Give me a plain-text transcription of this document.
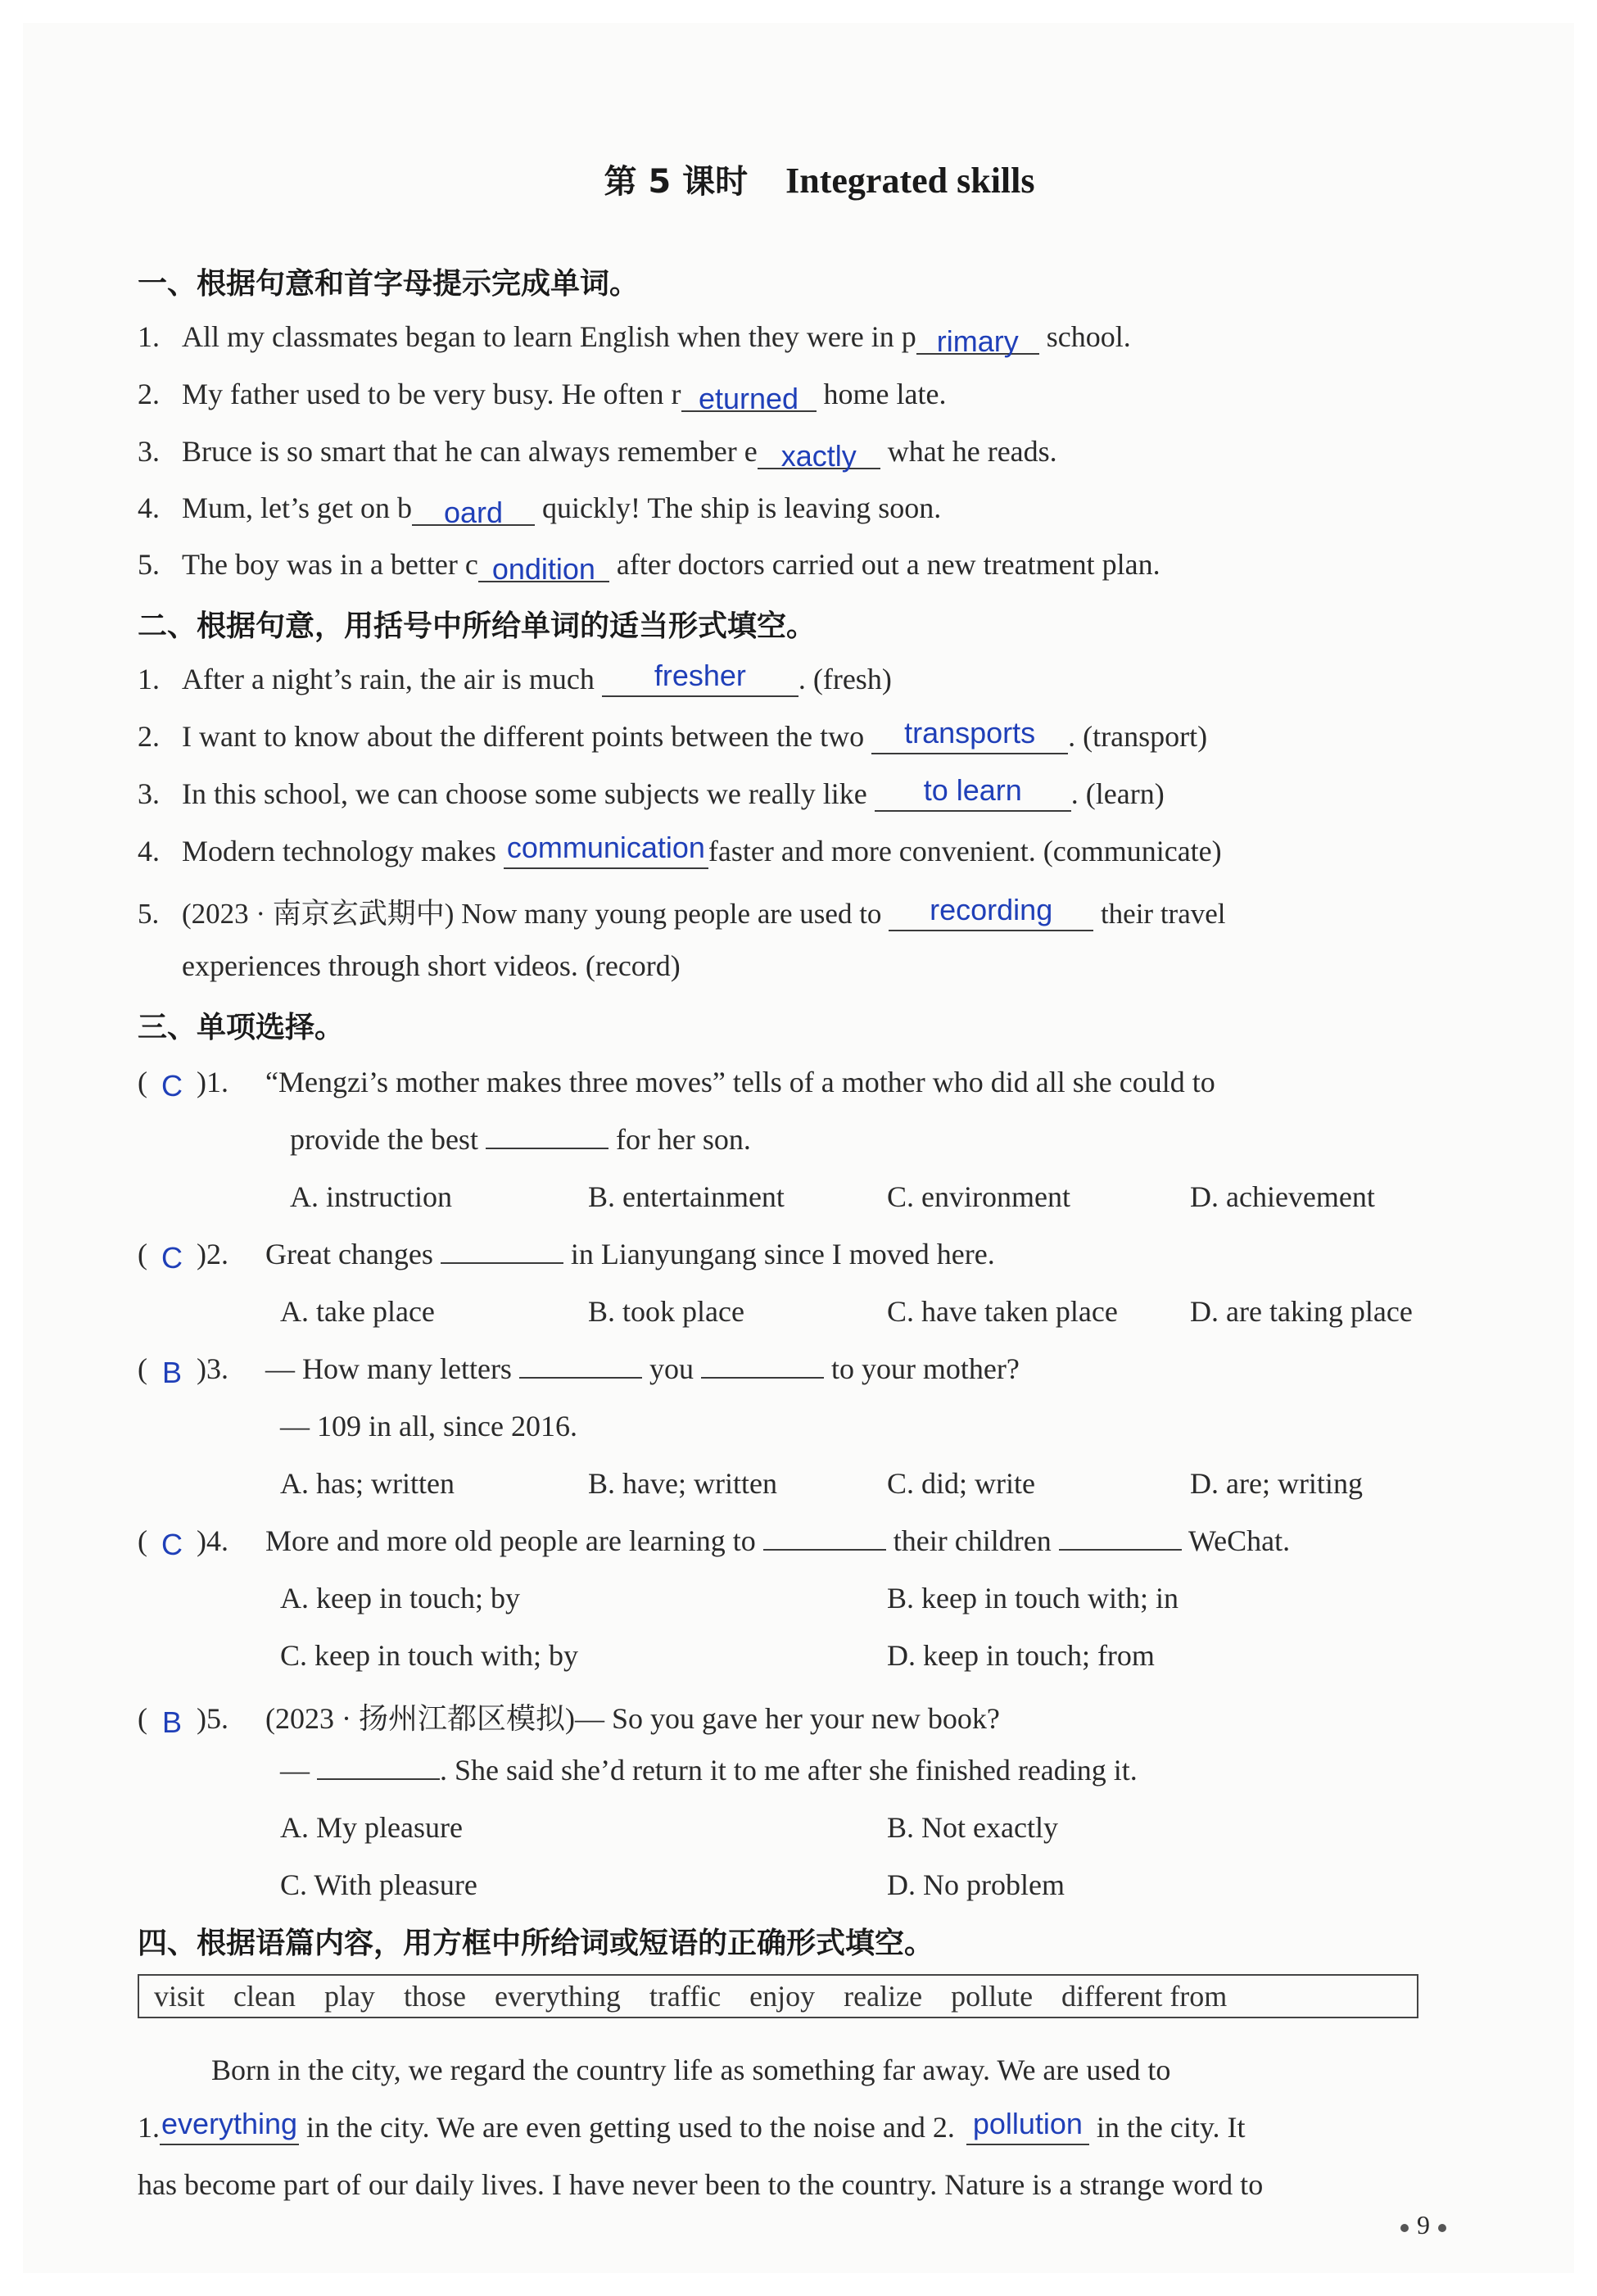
第 5 课时 Integrated skills
一、根据句意和首字母提示完成单词。
1. All my classmates began to learn English when they were in p rimary school.
2. My father used to be very busy. He often r eturned home late.
3. Bruce is so smart that he can always remember e xactly what he reads.
4. Mum, let’s get on b oard quickly! The ship is leaving soon.
5. The boy was in a better c ondition after doctors carried out a new treatment plan.
二、根据句意，用括号中所给单词的适当形式填空。
1. After a night’s rain, the air is much fresher . (fresh)
2. I want to know about the different points between the two transports . (transport)
3. In this school, we can choose some subjects we really like to learn . (learn)
4. Modern technology makes communication faster and more convenient. (communicate)
5. (2023 · 南京玄武期中) Now many young people are used to recording their travel
experiences through short videos. (record)
三、单项选择。
( C )1. “Mengzi’s mother makes three moves” tells of a mother who did all she could to
provide the best	for her son.
A. instruction	B. entertainment	C. environment	D. achievement
( C )2. Great changes	in Lianyungang since I moved here.
A. take place	B. took place	C. have taken place D. are taking place
( B )3. — How many letters	you	to your mother?
— 109 in all, since 2016.
A. has; written	B. have; written	C. did; write	D. are; writing
( C )4. More and more old people are learning to	their children	WeChat.
A. keep in touch; by	B. keep in touch with; in
C. keep in touch with; by	D. keep in touch; from
( B )5. (2023 · 扬州江都区模拟)— So you gave her your new book?
—	. She said she’d return it to me after she finished reading it.
A. My pleasure	B. Not exactly
C. With pleasure	D. No problem
四、根据语篇内容，用方框中所给词或短语的正确形式填空。
visit clean play those everything traffic enjoy realize pollute different from
Born in the city, we regard the country life as something far away. We are used to
1.everything in the city. We are even getting used to the noise and 2. pollution in the city. It
has become part of our daily lives. I have never been to the country. Nature is a strange word to
9
